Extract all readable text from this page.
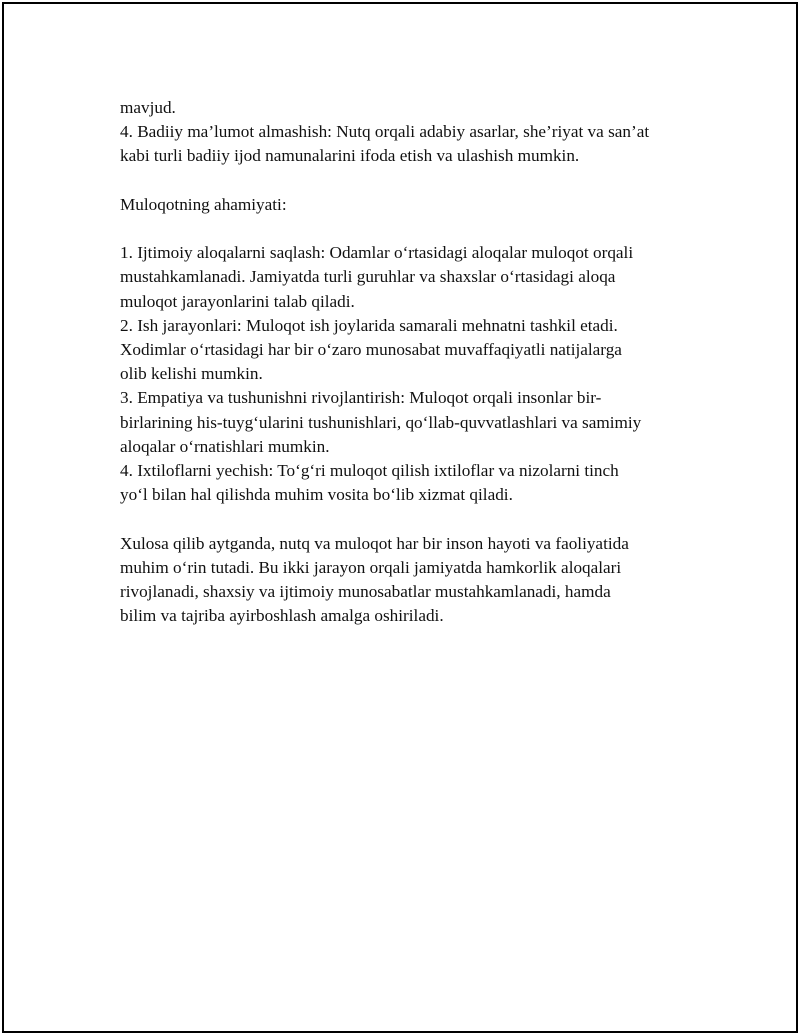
mavjud.
4. Badiiy ma’lumot almashish: Nutq orqali adabiy asarlar, she’riyat va san’at
kabi turli badiiy ijod namunalarini ifoda etish va ulashish mumkin.
Muloqotning ahamiyati:
1. Ijtimoiy aloqalarni saqlash: Odamlar o‘rtasidagi aloqalar muloqot orqali
mustahkamlanadi. Jamiyatda turli guruhlar va shaxslar o‘rtasidagi aloqa
muloqot jarayonlarini talab qiladi.
2. Ish jarayonlari: Muloqot ish joylarida samarali mehnatni tashkil etadi.
Xodimlar o‘rtasidagi har bir o‘zaro munosabat muvaffaqiyatli natijalarga
olib kelishi mumkin.
3. Empatiya va tushunishni rivojlantirish: Muloqot orqali insonlar bir-
birlarining his-tuyg‘ularini tushunishlari, qo‘llab-quvvatlashlari va samimiy
aloqalar o‘rnatishlari mumkin.
4. Ixtiloflarni yechish: To‘g‘ri muloqot qilish ixtiloflar va nizolarni tinch
yo‘l bilan hal qilishda muhim vosita bo‘lib xizmat qiladi.
Xulosa qilib aytganda, nutq va muloqot har bir inson hayoti va faoliyatida
muhim o‘rin tutadi. Bu ikki jarayon orqali jamiyatda hamkorlik aloqalari
rivojlanadi, shaxsiy va ijtimoiy munosabatlar mustahkamlanadi, hamda
bilim va tajriba ayirboshlash amalga oshiriladi.
